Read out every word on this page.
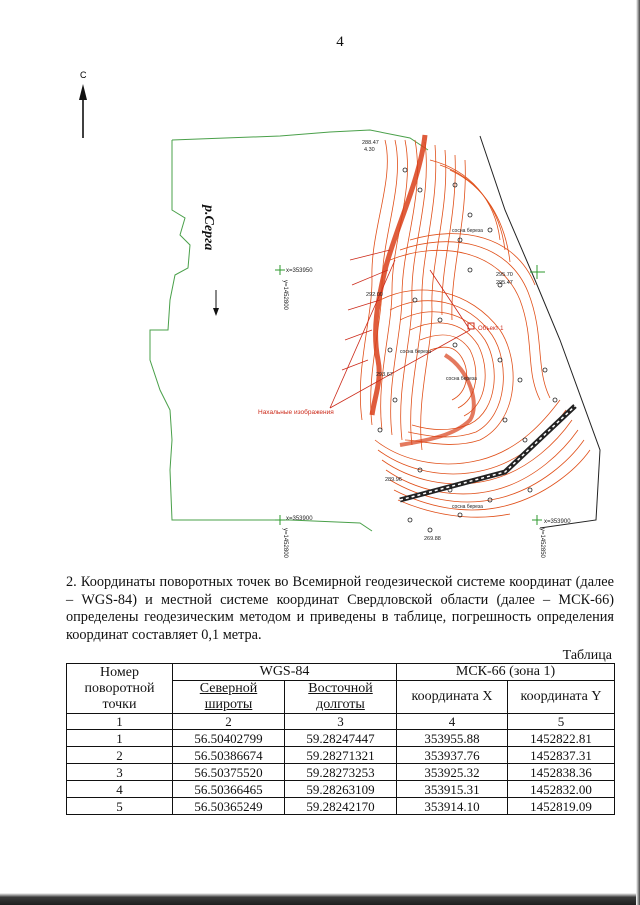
4
С
Нахальные изображения
Объект 1
288.47
4.30
295.70
295.47
292.00
293.67
289.96
269.88
сосна береза
сосна береза
сосна береза
сосна береза
р.Серга
x=353950
y=1452800
x=353900
y=1452800
x=353900
y=1452850
2. Координаты поворотных точек во Всемирной геодезической системе координат (далее – WGS-84) и местной системе координат Свердловской области (далее – МСК-66) определены геодезическим методом и приведены в таблице, погрешность определения координат составляет 0,1 метра.
Таблица
Номер поворотной точки	WGS-84		МСК-66 (зона 1)	
	Северной широты	Восточной долготы	координата X	координата Y
1	2	3	4	5
1	56.50402799	59.28247447	353955.88	1452822.81
2	56.50386674	59.28271321	353937.76	1452837.31
3	56.50375520	59.28273253	353925.32	1452838.36
4	56.50366465	59.28263109	353915.31	1452832.00
5	56.50365249	59.28242170	353914.10	1452819.09
